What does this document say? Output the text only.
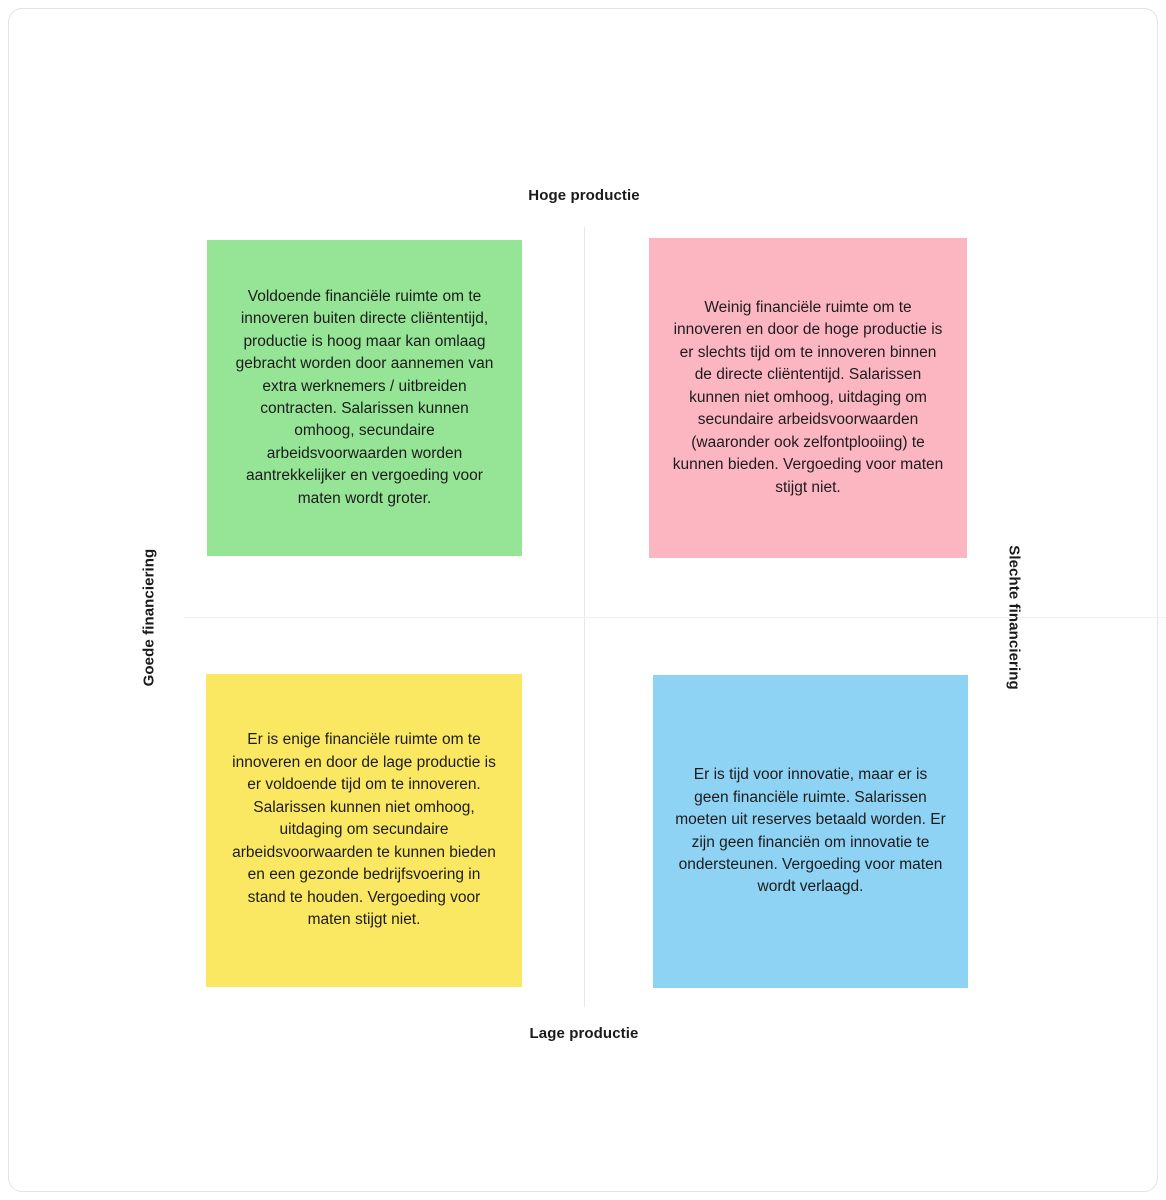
Hoge productie
Lage productie
Goede financiering	Slechte financiering

Voldoende financiële ruimte om te innoveren buiten directe cliëntentijd, productie is hoog maar kan omlaag gebracht worden door aannemen van extra werknemers / uitbreiden contracten. Salarissen kunnen omhoog, secundaire arbeidsvoorwaarden worden aantrekkelijker en vergoeding voor maten wordt groter.

Weinig financiële ruimte om te innoveren en door de hoge productie is er slechts tijd om te innoveren binnen de directe cliëntentijd. Salarissen kunnen niet omhoog, uitdaging om secundaire arbeidsvoorwaarden (waaronder ook zelfontplooiing) te kunnen bieden. Vergoeding voor maten stijgt niet.

Er is enige financiële ruimte om te innoveren en door de lage productie is er voldoende tijd om te innoveren. Salarissen kunnen niet omhoog, uitdaging om secundaire arbeidsvoorwaarden te kunnen bieden en een gezonde bedrijfsvoering in stand te houden. Vergoeding voor maten stijgt niet.

Er is tijd voor innovatie, maar er is geen financiële ruimte. Salarissen moeten uit reserves betaald worden. Er zijn geen financiën om innovatie te ondersteunen. Vergoeding voor maten wordt verlaagd.
